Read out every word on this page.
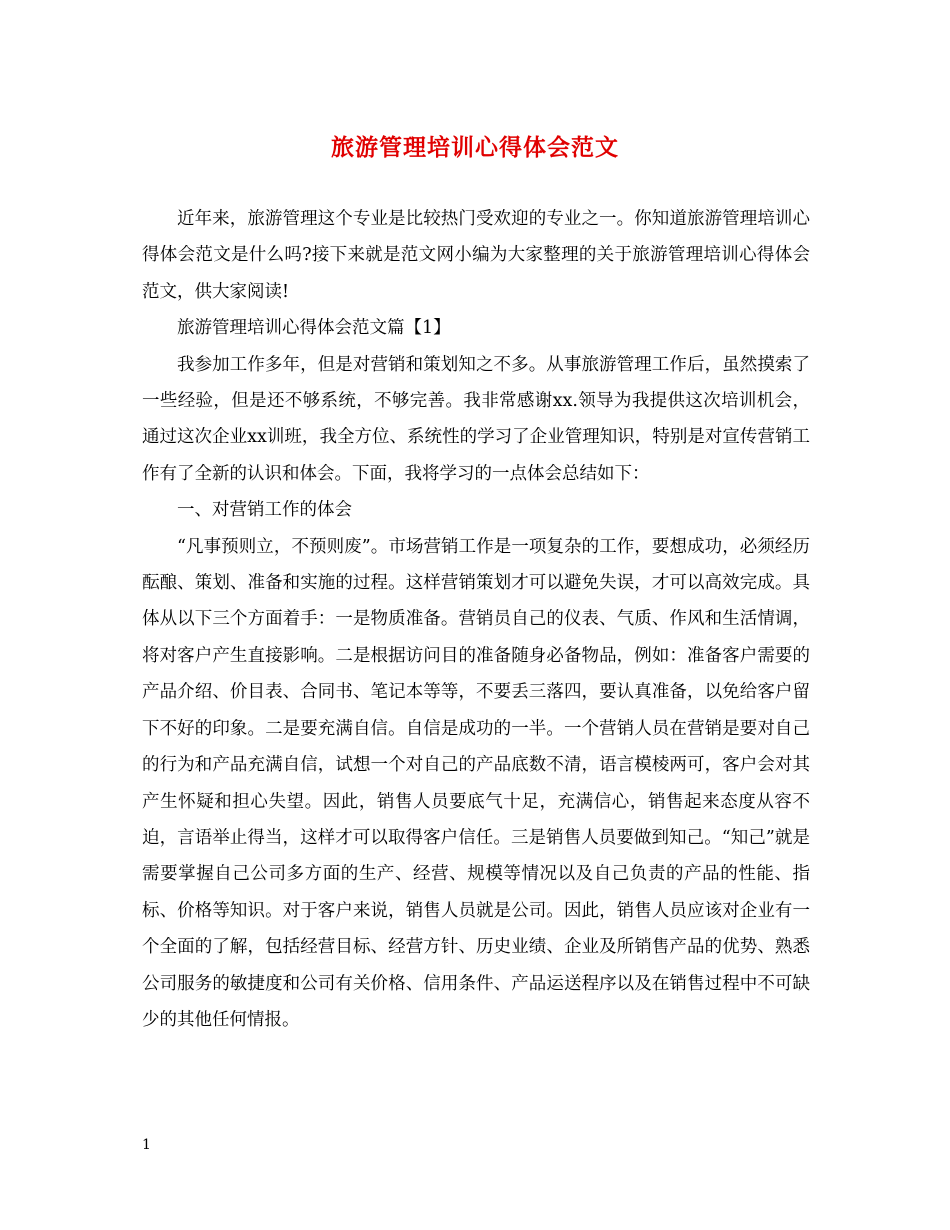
旅游管理培训心得体会范文

近年来，旅游管理这个专业是比较热门受欢迎的专业之一。你知道旅游管理培训心得体会范文是什么吗?接下来就是范文网小编为大家整理的关于旅游管理培训心得体会范文，供大家阅读!

旅游管理培训心得体会范文篇【1】

我参加工作多年，但是对营销和策划知之不多。从事旅游管理工作后，虽然摸索了一些经验，但是还不够系统，不够完善。我非常感谢xx.领导为我提供这次培训机会，通过这次企业xx训班，我全方位、系统性的学习了企业管理知识，特别是对宣传营销工作有了全新的认识和体会。下面，我将学习的一点体会总结如下：

一、对营销工作的体会

“凡事预则立，不预则废”。市场营销工作是一项复杂的工作，要想成功，必须经历酝酿、策划、准备和实施的过程。这样营销策划才可以避免失误，才可以高效完成。具体从以下三个方面着手：一是物质准备。营销员自己的仪表、气质、作风和生活情调，将对客户产生直接影响。二是根据访问目的准备随身必备物品，例如：准备客户需要的产品介绍、价目表、合同书、笔记本等等，不要丢三落四，要认真准备，以免给客户留下不好的印象。二是要充满自信。自信是成功的一半。一个营销人员在营销是要对自己的行为和产品充满自信，试想一个对自己的产品底数不清，语言模棱两可，客户会对其产生怀疑和担心失望。因此，销售人员要底气十足，充满信心，销售起来态度从容不迫，言语举止得当，这样才可以取得客户信任。三是销售人员要做到知己。“知己”就是需要掌握自己公司多方面的生产、经营、规模等情况以及自己负责的产品的性能、指标、价格等知识。对于客户来说，销售人员就是公司。因此，销售人员应该对企业有一个全面的了解，包括经营目标、经营方针、历史业绩、企业及所销售产品的优势、熟悉公司服务的敏捷度和公司有关价格、信用条件、产品运送程序以及在销售过程中不可缺少的其他任何情报。

1
